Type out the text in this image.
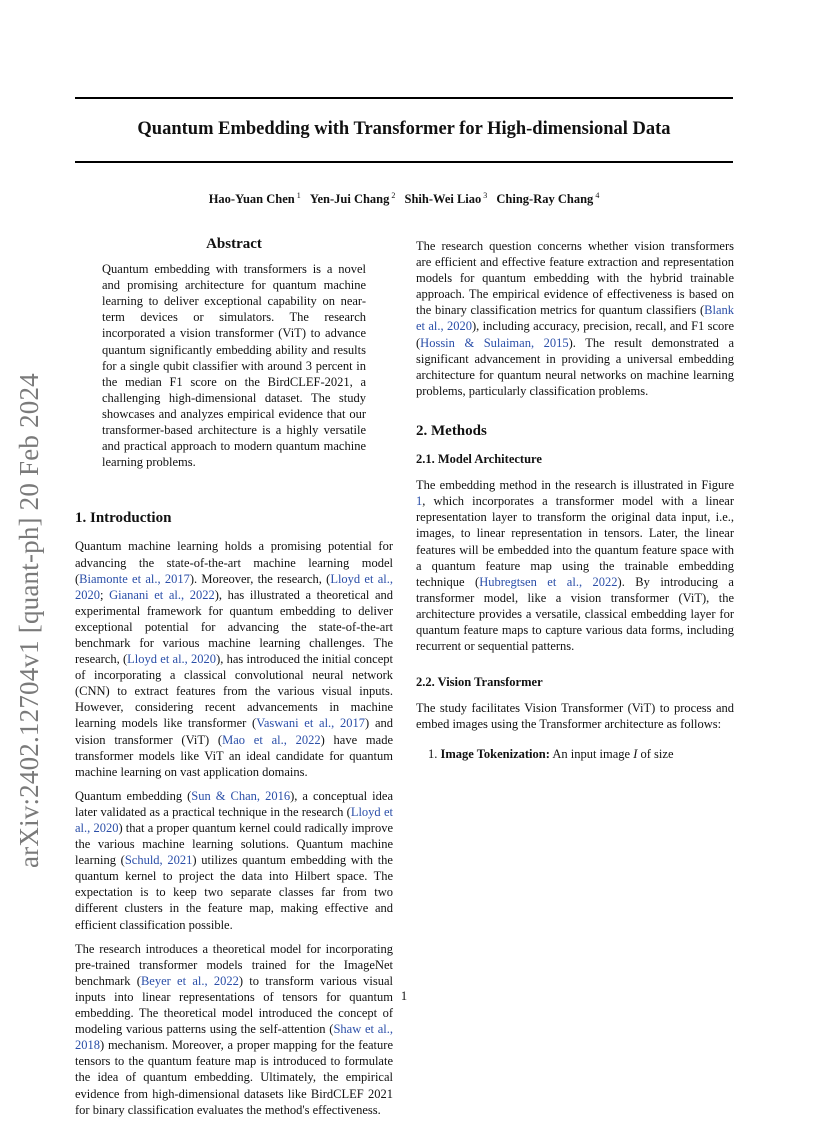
arXiv:2402.12704v1 [quant-ph] 20 Feb 2024
Quantum Embedding with Transformer for High-dimensional Data
Hao-Yuan Chen $^1$ Yen-Jui Chang $^2$ Shih-Wei Liao $^3$ Ching-Ray Chang $^4$
Abstract
Quantum embedding with transformers is a novel and promising architecture for quantum machine learning to deliver exceptional capability on near-term devices or simulators. The research incorporated a vision transformer (ViT) to advance quantum significantly embedding ability and results for a single qubit classifier with around 3 percent in the median F1 score on the BirdCLEF-2021, a challenging high-dimensional dataset. The study showcases and analyzes empirical evidence that our transformer-based architecture is a highly versatile and practical approach to modern quantum machine learning problems.
1. Introduction

Quantum machine learning holds a promising potential for advancing the state-of-the-art machine learning model (Biamonte et al., 2017). Moreover, the research, (Lloyd et al., 2020; Gianani et al., 2022), has illustrated a theoretical and experimental framework for quantum embedding to deliver exceptional potential for advancing the state-of-the-art benchmark for various machine learning challenges. The research, (Lloyd et al., 2020), has introduced the initial concept of incorporating a classical convolutional neural network (CNN) to extract features from the various visual inputs. However, considering recent advancements in machine learning models like transformer (Vaswani et al., 2017) and vision transformer (ViT) (Mao et al., 2022) have made transformer models like ViT an ideal candidate for quantum machine learning on vast application domains.

Quantum embedding (Sun & Chan, 2016), a conceptual idea later validated as a practical technique in the research (Lloyd et al., 2020) that a proper quantum kernel could radically improve the various machine learning solutions. Quantum machine learning (Schuld, 2021) utilizes quantum embedding with the quantum kernel to project the data into Hilbert space. The expectation is to keep two separate classes far from two different clusters in the feature map, making effective and efficient classification possible.

The research introduces a theoretical model for incorporating pre-trained transformer models trained for the ImageNet benchmark (Beyer et al., 2022) to transform various visual inputs into linear representations of tensors for quantum embedding. The theoretical model introduced the concept of modeling various patterns using the self-attention (Shaw et al., 2018) mechanism. Moreover, a proper mapping for the feature tensors to the quantum feature map is introduced to formulate the idea of quantum embedding. Ultimately, the empirical evidence from high-dimensional datasets like BirdCLEF 2021 for binary classification evaluates the method's effectiveness.

The research question concerns whether vision transformers are efficient and effective feature extraction and representation models for quantum embedding with the hybrid trainable approach. The empirical evidence of effectiveness is based on the binary classification metrics for quantum classifiers (Blank et al., 2020), including accuracy, precision, recall, and F1 score (Hossin & Sulaiman, 2015). The result demonstrated a significant advancement in providing a universal embedding architecture for quantum neural networks on machine learning problems, particularly classification problems.

2. Methods
2.1. Model Architecture

The embedding method in the research is illustrated in Figure 1, which incorporates a transformer model with a linear representation layer to transform the original data input, i.e., images, to linear representation in tensors. Later, the linear features will be embedded into the quantum feature space with a quantum feature map using the trainable embedding technique (Hubregtsen et al., 2022). By introducing a transformer model, like a vision transformer (ViT), the architecture provides a versatile, classical embedding layer for quantum feature maps to capture various data forms, including recurrent or sequential patterns.

2.2. Vision Transformer

The study facilitates Vision Transformer (ViT) to process and embed images using the Transformer architecture as follows:

1. Image Tokenization: An input image I of size

1
